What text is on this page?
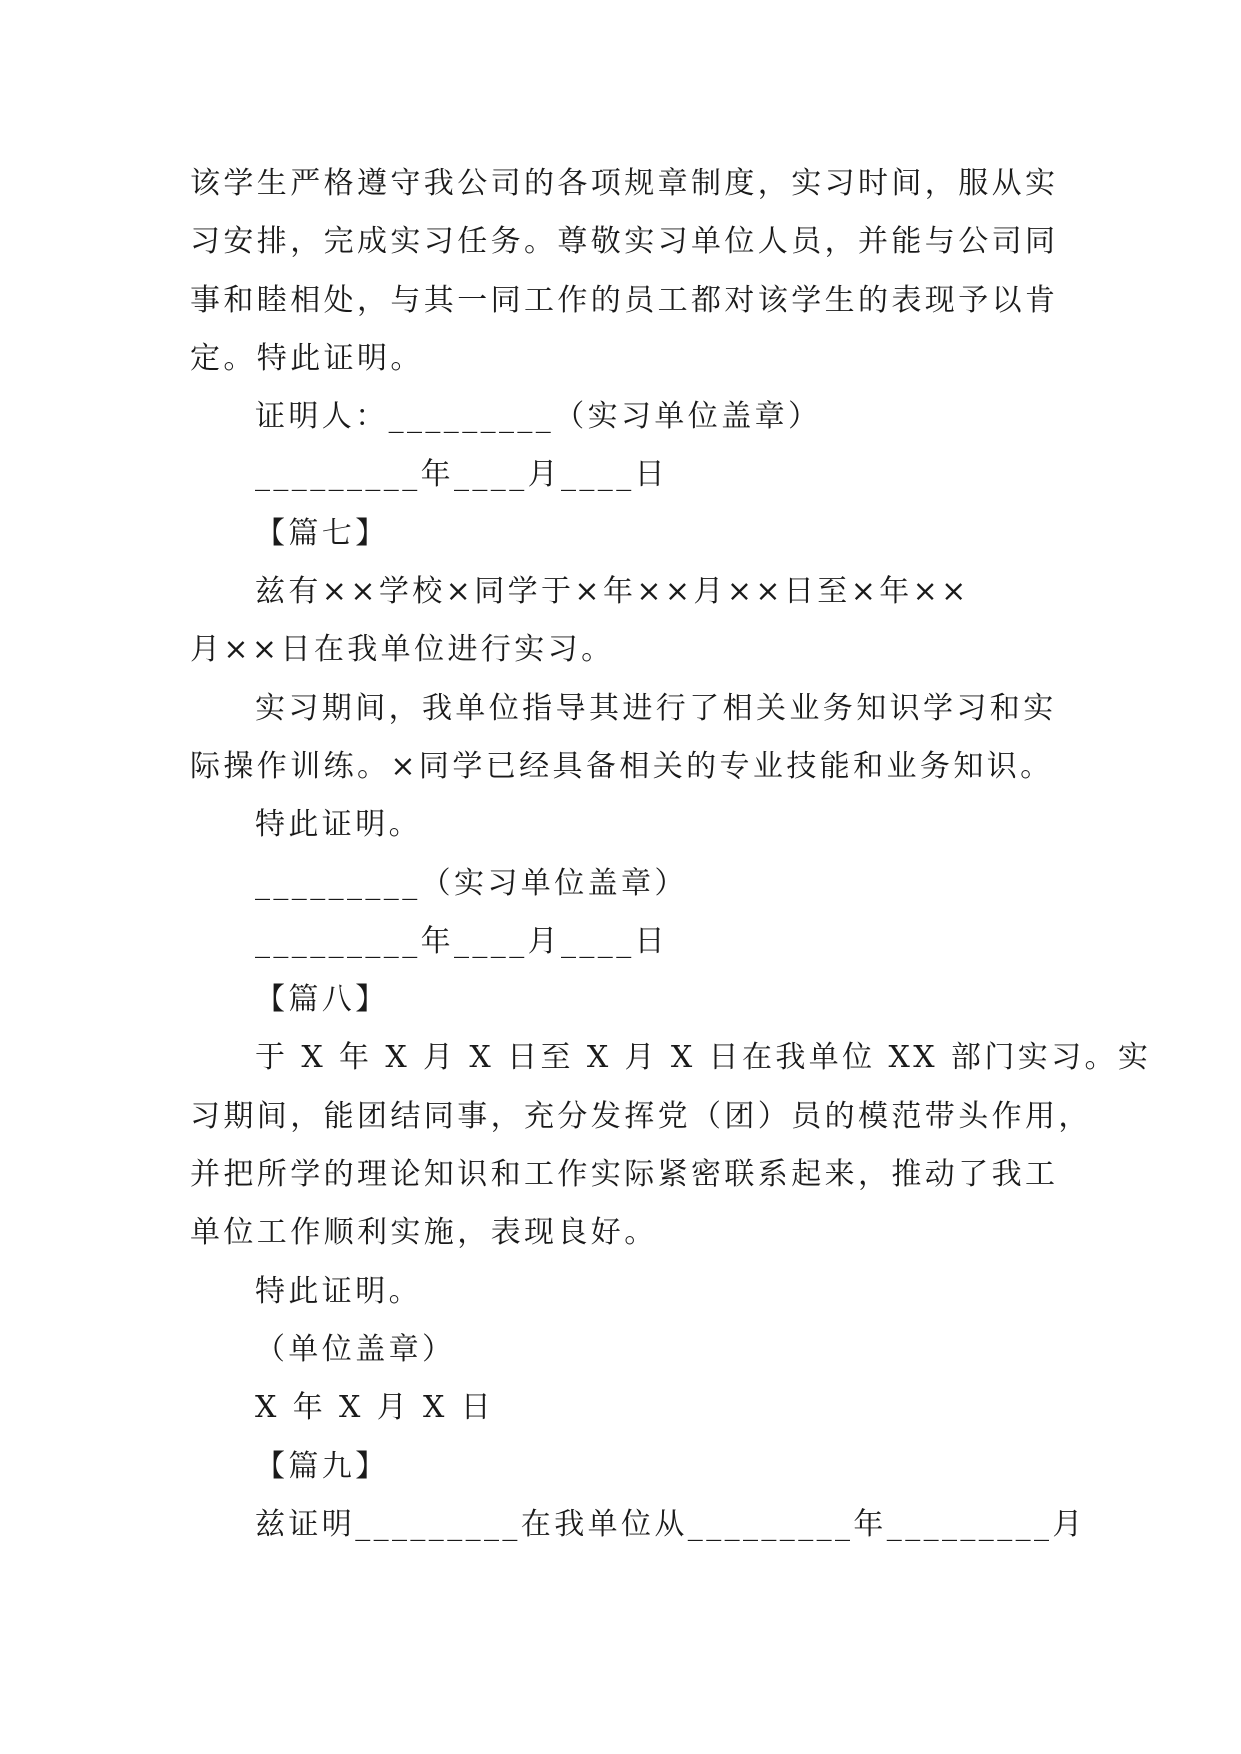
该学生严格遵守我公司的各项规章制度，实习时间，服从实
习安排，完成实习任务。尊敬实习单位人员，并能与公司同
事和睦相处，与其一同工作的员工都对该学生的表现予以肯
定。特此证明。
证明人：_________（实习单位盖章）
_________年____月____日
【篇七】
兹有××学校×同学于×年××月××日至×年××
月××日在我单位进行实习。
实习期间，我单位指导其进行了相关业务知识学习和实
际操作训练。×同学已经具备相关的专业技能和业务知识。
特此证明。
_________（实习单位盖章）
_________年____月____日
【篇八】
于 X 年 X 月 X 日至 X 月 X 日在我单位 XX 部门实习。实
习期间，能团结同事，充分发挥党（团）员的模范带头作用，
并把所学的理论知识和工作实际紧密联系起来，推动了我工
单位工作顺利实施，表现良好。
特此证明。
（单位盖章）
X 年 X 月 X 日
【篇九】
兹证明_________在我单位从_________年_________月
